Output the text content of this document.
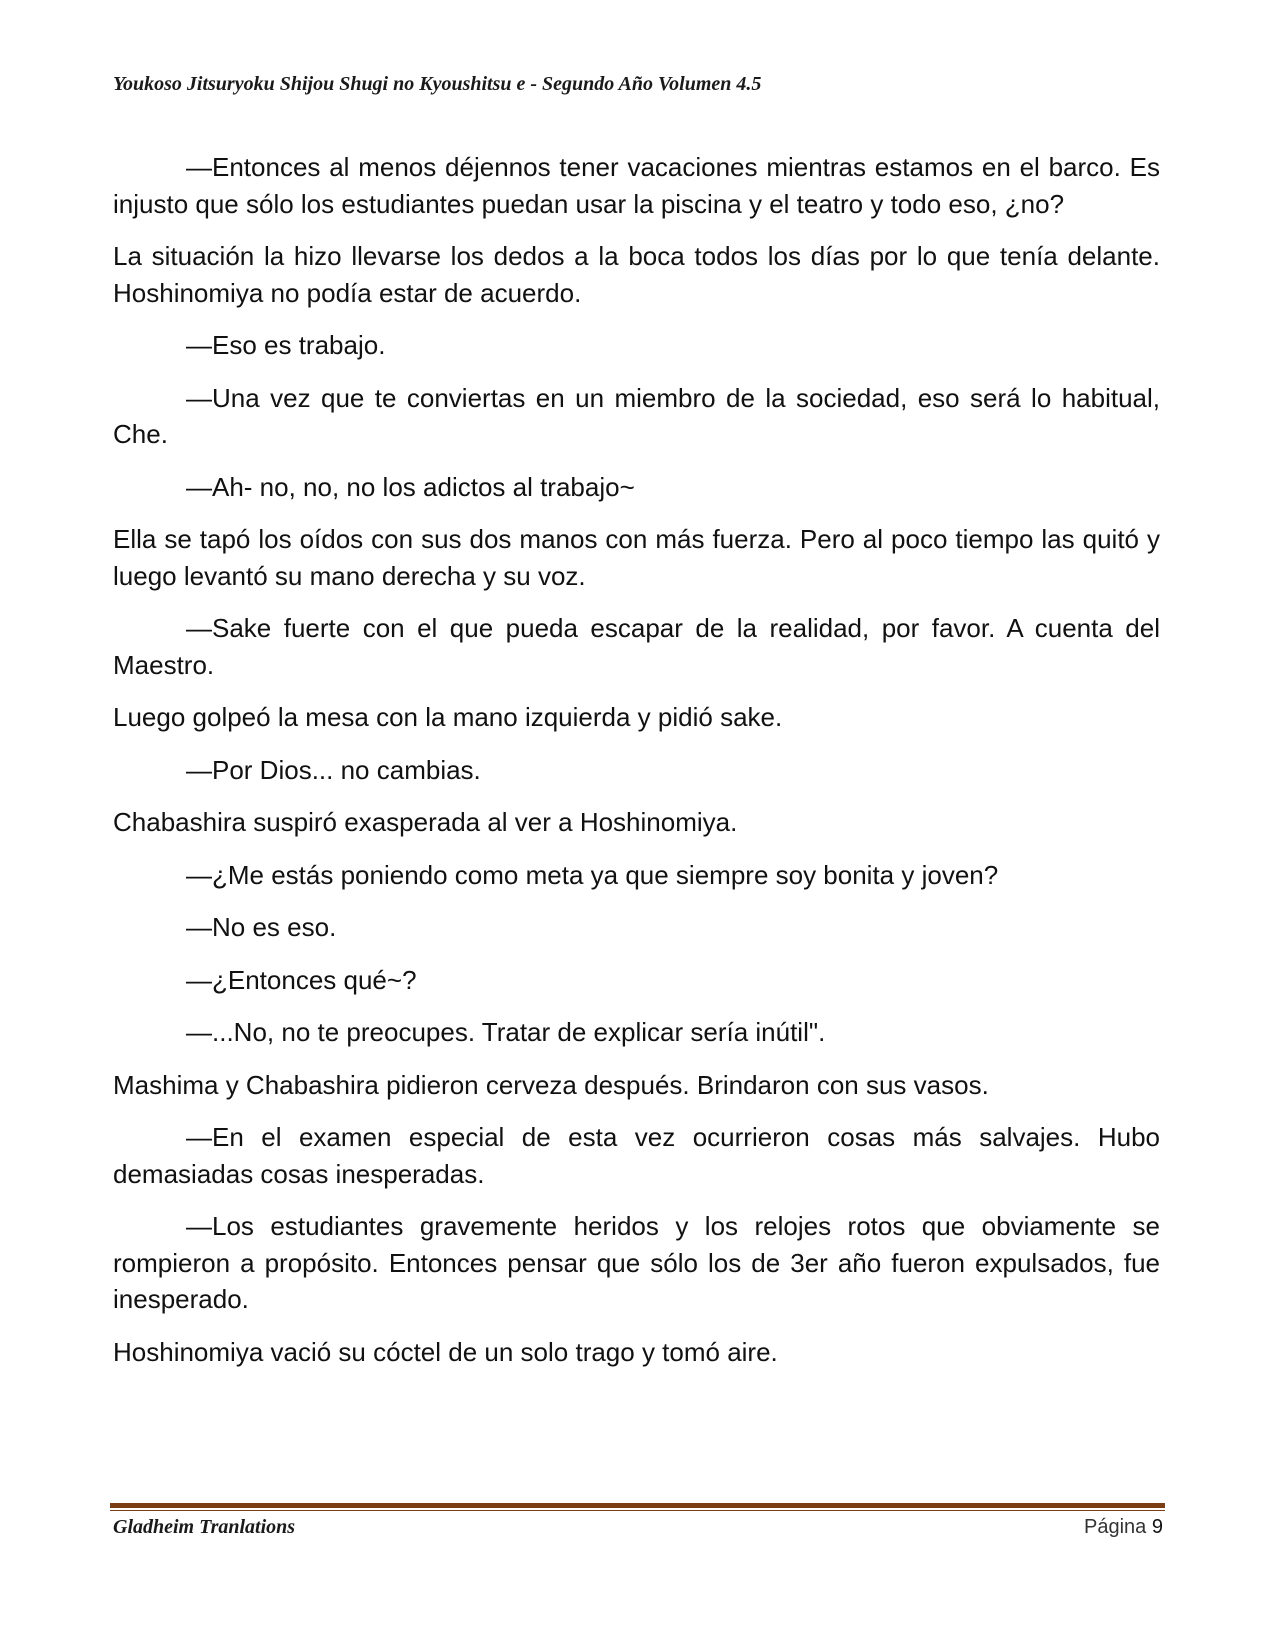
Youkoso Jitsuryoku Shijou Shugi no Kyoushitsu e - Segundo Año Volumen 4.5

—Entonces al menos déjennos tener vacaciones mientras estamos en el barco. Es injusto que sólo los estudiantes puedan usar la piscina y el teatro y todo eso, ¿no?

La situación la hizo llevarse los dedos a la boca todos los días por lo que tenía delante. Hoshinomiya no podía estar de acuerdo.

—Eso es trabajo.

—Una vez que te conviertas en un miembro de la sociedad, eso será lo habitual, Che.

—Ah- no, no, no los adictos al trabajo~

Ella se tapó los oídos con sus dos manos con más fuerza. Pero al poco tiempo las quitó y luego levantó su mano derecha y su voz.

—Sake fuerte con el que pueda escapar de la realidad, por favor. A cuenta del Maestro.

Luego golpeó la mesa con la mano izquierda y pidió sake.

—Por Dios... no cambias.

Chabashira suspiró exasperada al ver a Hoshinomiya.

—¿Me estás poniendo como meta ya que siempre soy bonita y joven?

—No es eso.

—¿Entonces qué~?

—...No, no te preocupes. Tratar de explicar sería inútil".

Mashima y Chabashira pidieron cerveza después. Brindaron con sus vasos.

—En el examen especial de esta vez ocurrieron cosas más salvajes. Hubo demasiadas cosas inesperadas.

—Los estudiantes gravemente heridos y los relojes rotos que obviamente se rompieron a propósito. Entonces pensar que sólo los de 3er año fueron expulsados, fue inesperado.

Hoshinomiya vació su cóctel de un solo trago y tomó aire.

Gladheim Tranlations	Página 9
